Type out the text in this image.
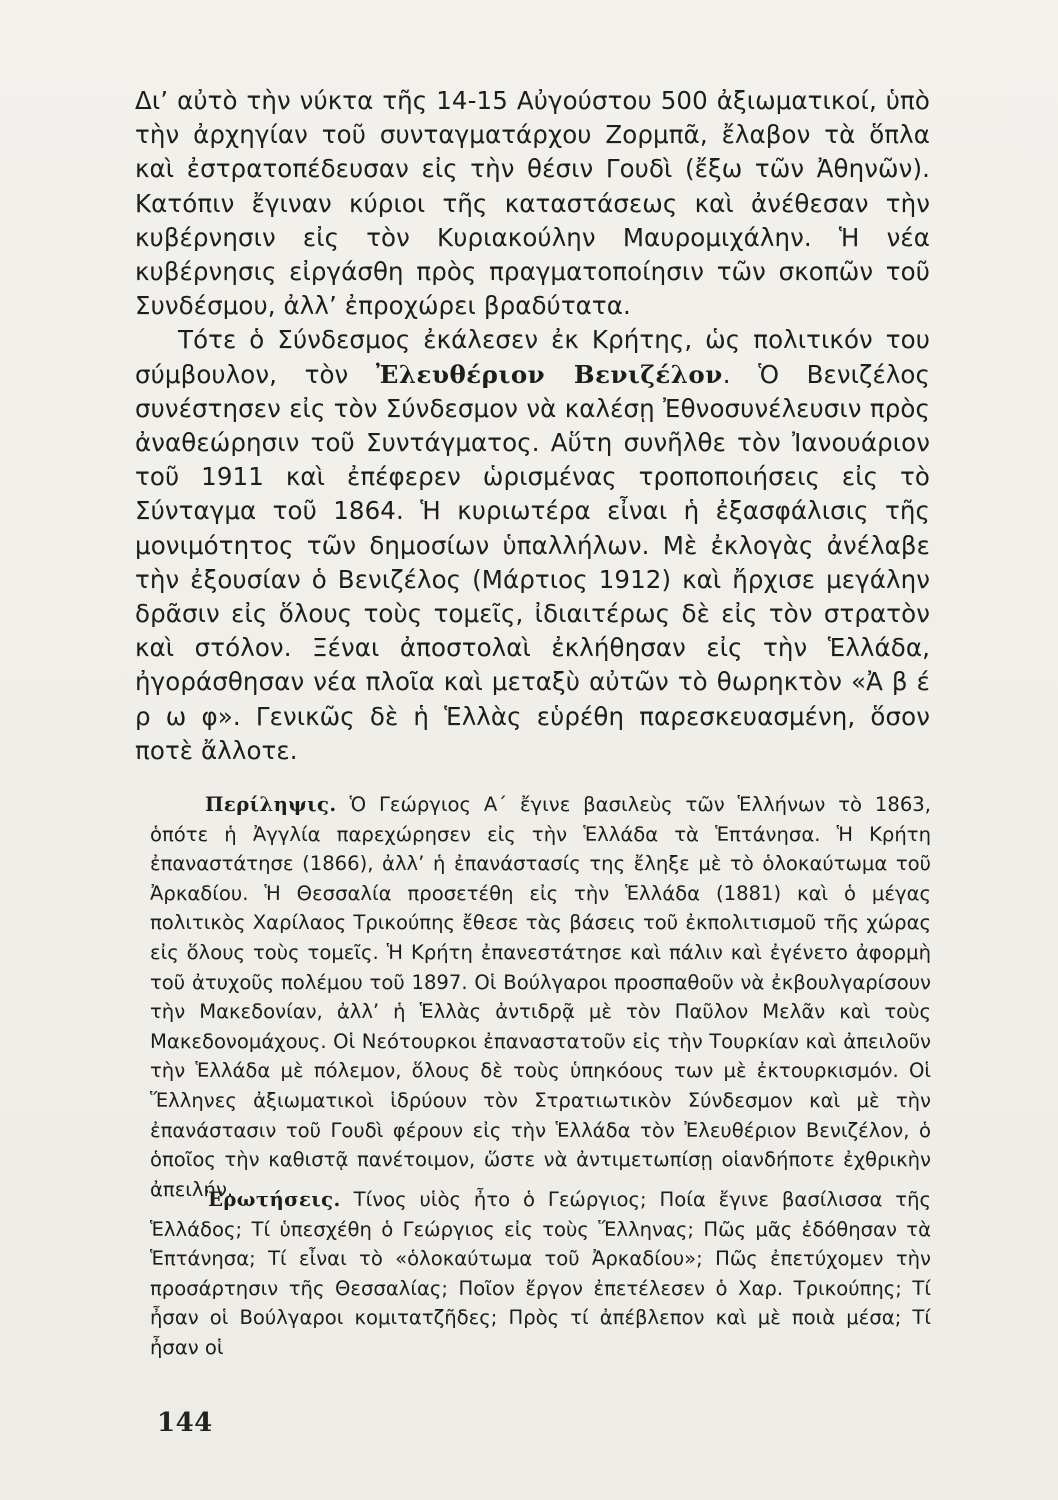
Δι’ αὐτὸ τὴν νύκτα τῆς 14-15 Αὐγούστου 500 ἀξιωματικοί, ὑπὸ τὴν ἀρχηγίαν τοῦ συνταγματάρχου Ζορμπᾶ, ἔλαβον τὰ ὅπλα καὶ ἐστρατοπέδευσαν εἰς τὴν θέσιν Γουδὶ (ἔξω τῶν Ἀθηνῶν). Κατόπιν ἔγιναν κύριοι τῆς καταστάσεως καὶ ἀνέθεσαν τὴν κυβέρνησιν εἰς τὸν Κυριακούλην Μαυρομιχάλην. Ἡ νέα κυβέρνησις εἰργάσθη πρὸς πραγματοποίησιν τῶν σκοπῶν τοῦ Συνδέσμου, ἀλλ’ ἐπροχώρει βραδύτατα.

Τότε ὁ Σύνδεσμος ἐκάλεσεν ἐκ Κρήτης, ὡς πολιτικόν του σύμβουλον, τὸν Ἐλευθέριον Βενιζέλον. Ὁ Βενιζέλος συνέστησεν εἰς τὸν Σύνδεσμον νὰ καλέσῃ Ἐθνοσυνέλευσιν πρὸς ἀναθεώρησιν τοῦ Συντάγματος. Αὕτη συνῆλθε τὸν Ἰανουάριον τοῦ 1911 καὶ ἐπέφερεν ὡρισμένας τροποποιήσεις εἰς τὸ Σύνταγμα τοῦ 1864. Ἡ κυριωτέρα εἶναι ἡ ἐξασφάλισις τῆς μονιμότητος τῶν δημοσίων ὑπαλλήλων. Μὲ ἐκλογὰς ἀνέλαβε τὴν ἐξουσίαν ὁ Βενιζέλος (Μάρτιος 1912) καὶ ἤρχισε μεγάλην δρᾶσιν εἰς ὅλους τοὺς τομεῖς, ἰδιαιτέρως δὲ εἰς τὸν στρατὸν καὶ στόλον. Ξέναι ἀποστολαὶ ἐκλήθησαν εἰς τὴν Ἑλλάδα, ἠγοράσθησαν νέα πλοῖα καὶ μεταξὺ αὐτῶν τὸ θωρηκτὸν «Ἀ β έ ρ ω φ». Γενικῶς δὲ ἡ Ἑλλὰς εὑρέθη παρεσκευασμένη, ὅσον ποτὲ ἄλλοτε.

Περίληψις. Ὁ Γεώργιος Α΄ ἔγινε βασιλεὺς τῶν Ἑλλήνων τὸ 1863, ὁπότε ἡ Ἀγγλία παρεχώρησεν εἰς τὴν Ἑλλάδα τὰ Ἑπτάνησα. Ἡ Κρήτη ἐπαναστάτησε (1866), ἀλλ’ ἡ ἐπανάστασίς της ἔληξε μὲ τὸ ὁλοκαύτωμα τοῦ Ἀρκαδίου. Ἡ Θεσσαλία προσετέθη εἰς τὴν Ἑλλάδα (1881) καὶ ὁ μέγας πολιτικὸς Χαρίλαος Τρικούπης ἔθεσε τὰς βάσεις τοῦ ἐκπολιτισμοῦ τῆς χώρας εἰς ὅλους τοὺς τομεῖς. Ἡ Κρήτη ἐπανεστάτησε καὶ πάλιν καὶ ἐγένετο ἀφορμὴ τοῦ ἀτυχοῦς πολέμου τοῦ 1897. Οἱ Βούλγαροι προσπαθοῦν νὰ ἐκβουλγαρίσουν τὴν Μακεδονίαν, ἀλλ’ ἡ Ἑλλὰς ἀντιδρᾷ μὲ τὸν Παῦλον Μελᾶν καὶ τοὺς Μακεδονομάχους. Οἱ Νεότουρκοι ἐπαναστατοῦν εἰς τὴν Τουρκίαν καὶ ἀπειλοῦν τὴν Ἑλλάδα μὲ πόλεμον, ὅλους δὲ τοὺς ὑπηκόους των μὲ ἐκτουρκισμόν. Οἱ Ἕλληνες ἀξιωματικοὶ ἱδρύουν τὸν Στρατιωτικὸν Σύνδεσμον καὶ μὲ τὴν ἐπανάστασιν τοῦ Γουδὶ φέρουν εἰς τὴν Ἑλλάδα τὸν Ἐλευθέριον Βενιζέλον, ὁ ὁποῖος τὴν καθιστᾷ πανέτοιμον, ὥστε νὰ ἀντιμετωπίσῃ οἱανδήποτε ἐχθρικὴν ἀπειλήν.

Ἐρωτήσεις. Τίνος υἱὸς ἦτο ὁ Γεώργιος; Ποία ἔγινε βασίλισσα τῆς Ἑλλάδος; Τί ὑπεσχέθη ὁ Γεώργιος εἰς τοὺς Ἕλληνας; Πῶς μᾶς ἐδόθησαν τὰ Ἑπτάνησα; Τί εἶναι τὸ «ὁλοκαύτωμα τοῦ Ἀρκαδίου»; Πῶς ἐπετύχομεν τὴν προσάρτησιν τῆς Θεσσαλίας; Ποῖον ἔργον ἐπετέλεσεν ὁ Χαρ. Τρικούπης; Τί ἦσαν οἱ Βούλγαροι κομιτατζῆδες; Πρὸς τί ἀπέβλεπον καὶ μὲ ποιὰ μέσα; Τί ἦσαν οἱ

144
